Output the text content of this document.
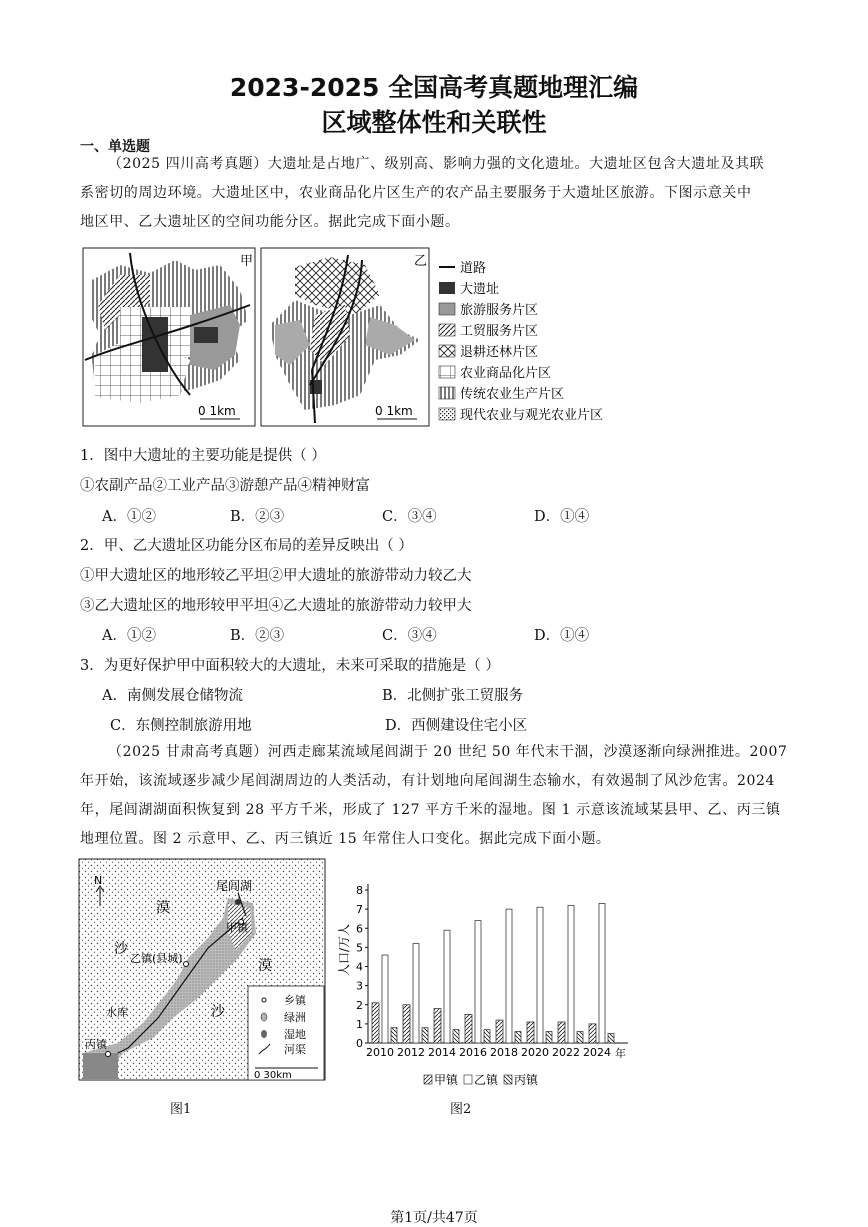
2023-2025 全国高考真题地理汇编
区域整体性和关联性
一、单选题
（2025 四川高考真题）大遗址是占地广、级别高、影响力强的文化遗址。大遗址区包含大遗址及其联
系密切的周边环境。大遗址区中，农业商品化片区生产的农产品主要服务于大遗址区旅游。下图示意关中
地区甲、乙大遗址区的空间功能分区。据此完成下面小题。
甲
0 1km
乙
0 1km
道路
大遗址
旅游服务片区
工贸服务片区
退耕还林片区
农业商品化片区
传统农业生产片区
现代农业与观光农业片区
1．图中大遗址的主要功能是提供（ ）
①农副产品②工业产品③游憩产品④精神财富
A．①②	B．②③	C．③④	D．①④
2．甲、乙大遗址区功能分区布局的差异反映出（ ）
①甲大遗址区的地形较乙平坦②甲大遗址的旅游带动力较乙大
③乙大遗址区的地形较甲平坦④乙大遗址的旅游带动力较甲大
A．①②	B．②③	C．③④	D．①④
3．为更好保护甲中面积较大的大遗址，未来可采取的措施是（ ）
A．南侧发展仓储物流	B．北侧扩张工贸服务
C．东侧控制旅游用地	D．西侧建设住宅小区
（2025 甘肃高考真题）河西走廊某流域尾闾湖于 20 世纪 50 年代末干涸，沙漠逐渐向绿洲推进。2007
年开始，该流域逐步减少尾闾湖周边的人类活动，有计划地向尾闾湖生态输水，有效遏制了风沙危害。2024
年，尾闾湖湖面积恢复到 28 平方千米，形成了 127 平方千米的湿地。图 1 示意该流域某县甲、乙、丙三镇
地理位置。图 2 示意甲、乙、丙三镇近 15 年常住人口变化。据此完成下面小题。
N	尾闾湖
漠
沙
漠
沙
甲镇
乙镇(县城)
水库
丙镇
乡镇
绿洲
湿地
河渠
0 30km
图1
0
1
2
3
4
5
6
7
8
2010 2012 2014 2016 2018 2020 2022 2024
人口/万人
年
甲镇 乙镇 丙镇
图2
第1页/共47页
